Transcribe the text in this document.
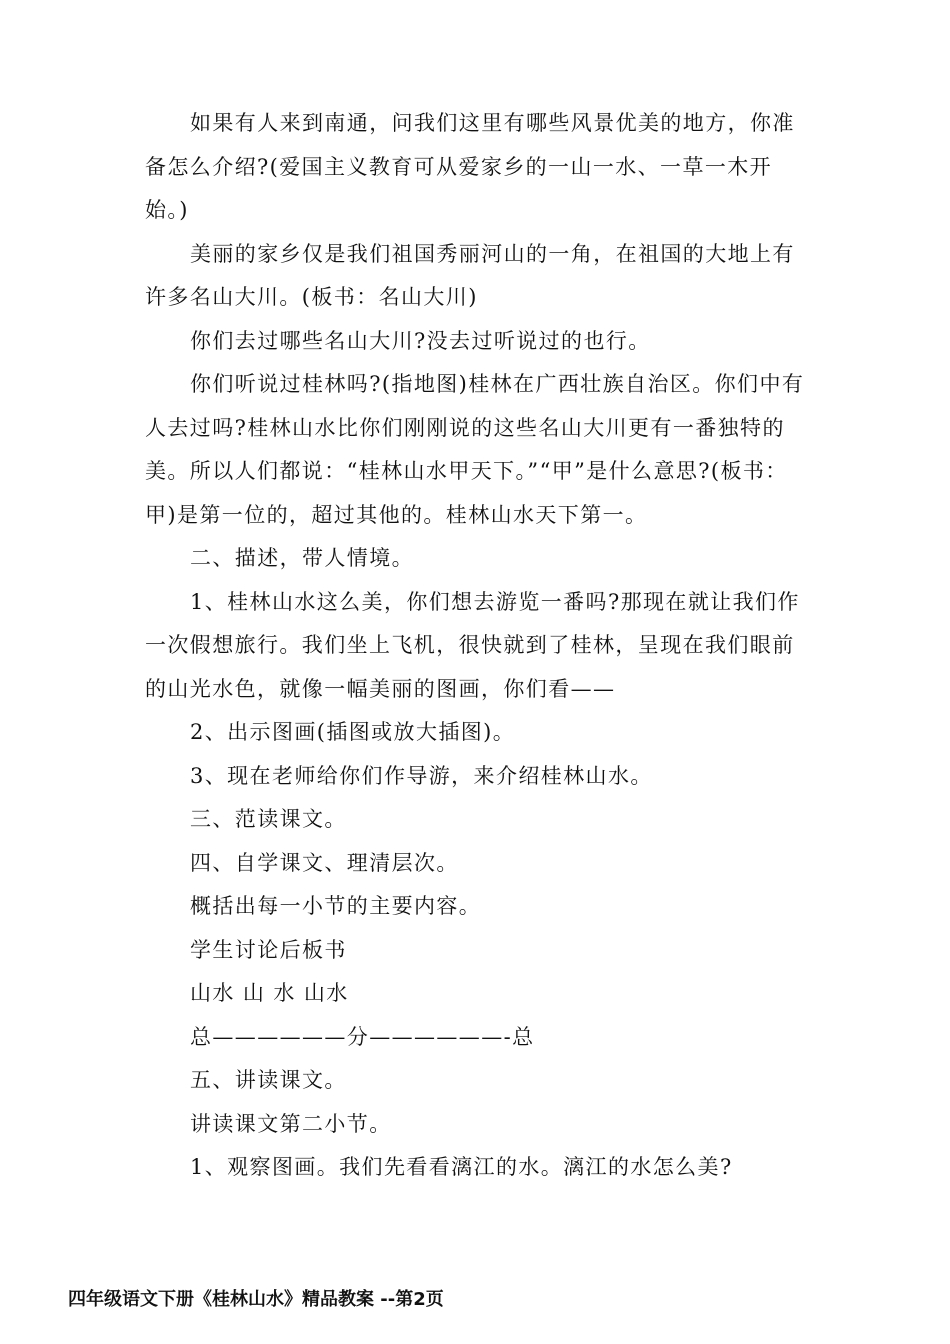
如果有人来到南通，问我们这里有哪些风景优美的地方，你准备怎么介绍?(爱国主义教育可从爱家乡的一山一水、一草一木开始。)

美丽的家乡仅是我们祖国秀丽河山的一角，在祖国的大地上有许多名山大川。(板书：名山大川)

你们去过哪些名山大川?没去过听说过的也行。

你们听说过桂林吗?(指地图)桂林在广西壮族自治区。你们中有人去过吗?桂林山水比你们刚刚说的这些名山大川更有一番独特的美。所以人们都说：“桂林山水甲天下。”“甲”是什么意思?(板书：甲)是第一位的，超过其他的。桂林山水天下第一。

二、描述，带人情境。

1、桂林山水这么美，你们想去游览一番吗?那现在就让我们作一次假想旅行。我们坐上飞机，很快就到了桂林，呈现在我们眼前的山光水色，就像一幅美丽的图画，你们看——

2、出示图画(插图或放大插图)。

3、现在老师给你们作导游，来介绍桂林山水。

三、范读课文。

四、自学课文、理清层次。

概括出每一小节的主要内容。

学生讨论后板书

山水 山 水 山水

总——————分——————-总

五、讲读课文。

讲读课文第二小节。

1、观察图画。我们先看看漓江的水。漓江的水怎么美?

四年级语文下册《桂林山水》精品教案 --第2页
